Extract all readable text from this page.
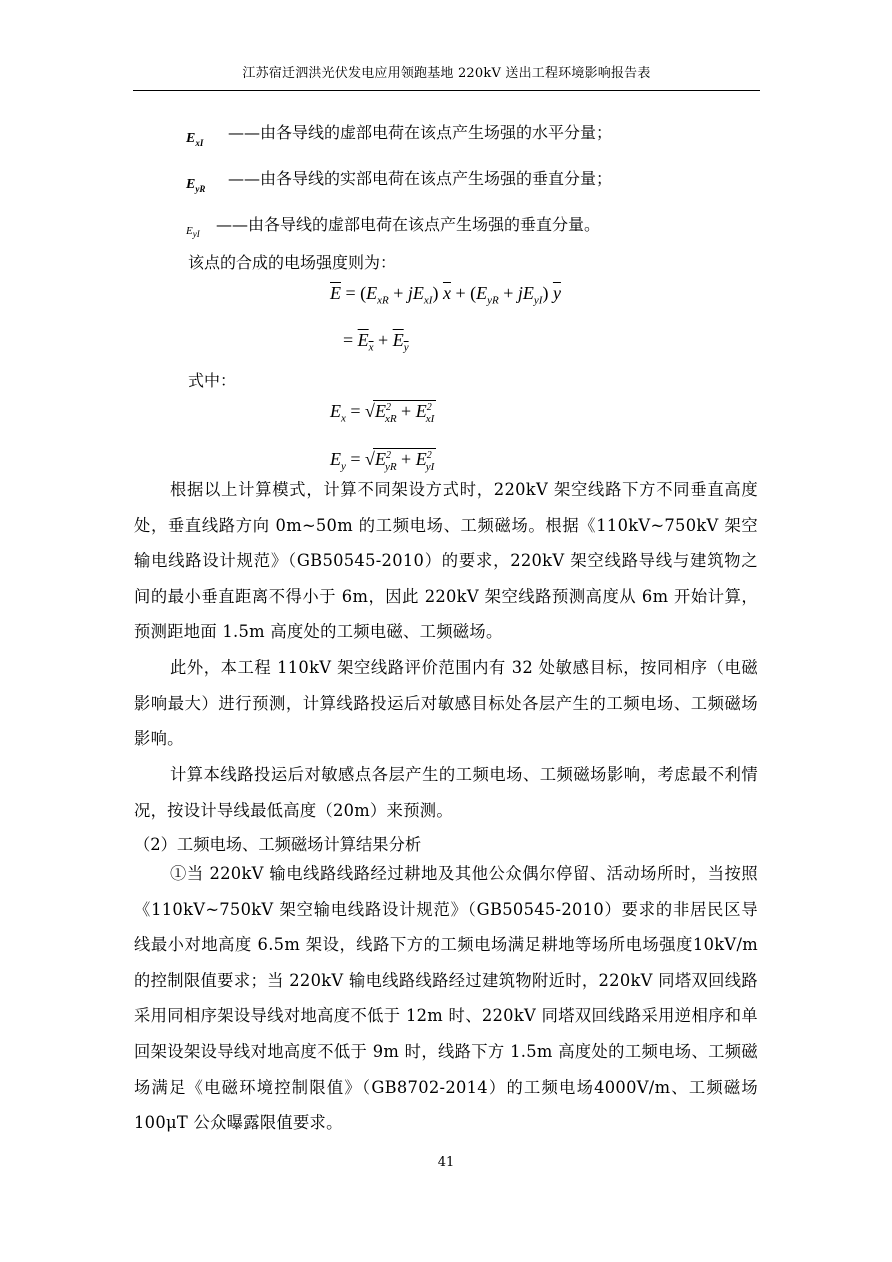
江苏宿迁泗洪光伏发电应用领跑基地 220kV 送出工程环境影响报告表
$E_{xI}——$由各导线的虚部电荷在该点产生场强的水平分量；
$E_{yR}——$由各导线的实部电荷在该点产生场强的垂直分量；
$E_{yI}——$由各导线的虚部电荷在该点产生场强的垂直分量。
该点的合成的电场强度则为：
$\overline{E} = (E_{xR} + jE_{xI}) \overline{x} + (E_{yR} + jE_{yI})$ $\overline{y}$
= $E_x + E_y$
式中：
$E_x = √E^2_{xR} + E^2_{xI}$
$E_y = √E^2_{yR} + E^2_{yI}$
根据以上计算模式，计算不同架设方式时，220kV 架空线路下方不同垂直高度处，垂直线路方向 0m~50m 的工频电场、工频磁场。根据《110kV~750kV 架空输电线路设计规范》（GB50545-2010）的要求，220kV 架空线路导线与建筑物之间的最小垂直距离不得小于 6m，因此 220kV 架空线路预测高度从 6m 开始计算，预测距地面 1.5m 高度处的工频电磁、工频磁场。
此外，本工程 110kV 架空线路评价范围内有 32 处敏感目标，按同相序（电磁影响最大）进行预测，计算线路投运后对敏感目标处各层产生的工频电场、工频磁场影响。
计算本线路投运后对敏感点各层产生的工频电场、工频磁场影响，考虑最不利情况，按设计导线最低高度（20m）来预测。
（2）工频电场、工频磁场计算结果分析
①当 220kV 输电线路线路经过耕地及其他公众偶尔停留、活动场所时，当按照《110kV~750kV 架空输电线路设计规范》（GB50545-2010）要求的非居民区导线最小对地高度 6.5m 架设，线路下方的工频电场满足耕地等场所电场强度10kV/m 的控制限值要求；当 220kV 输电线路线路经过建筑物附近时，220kV 同塔双回线路采用同相序架设导线对地高度不低于 12m 时、220kV 同塔双回线路采用逆相序和单回架设架设导线对地高度不低于 9m 时，线路下方 1.5m 高度处的工频电场、工频磁场满足《电磁环境控制限值》（GB8702-2014）的工频电场4000V/m、工频磁场 100μT 公众曝露限值要求。
41
